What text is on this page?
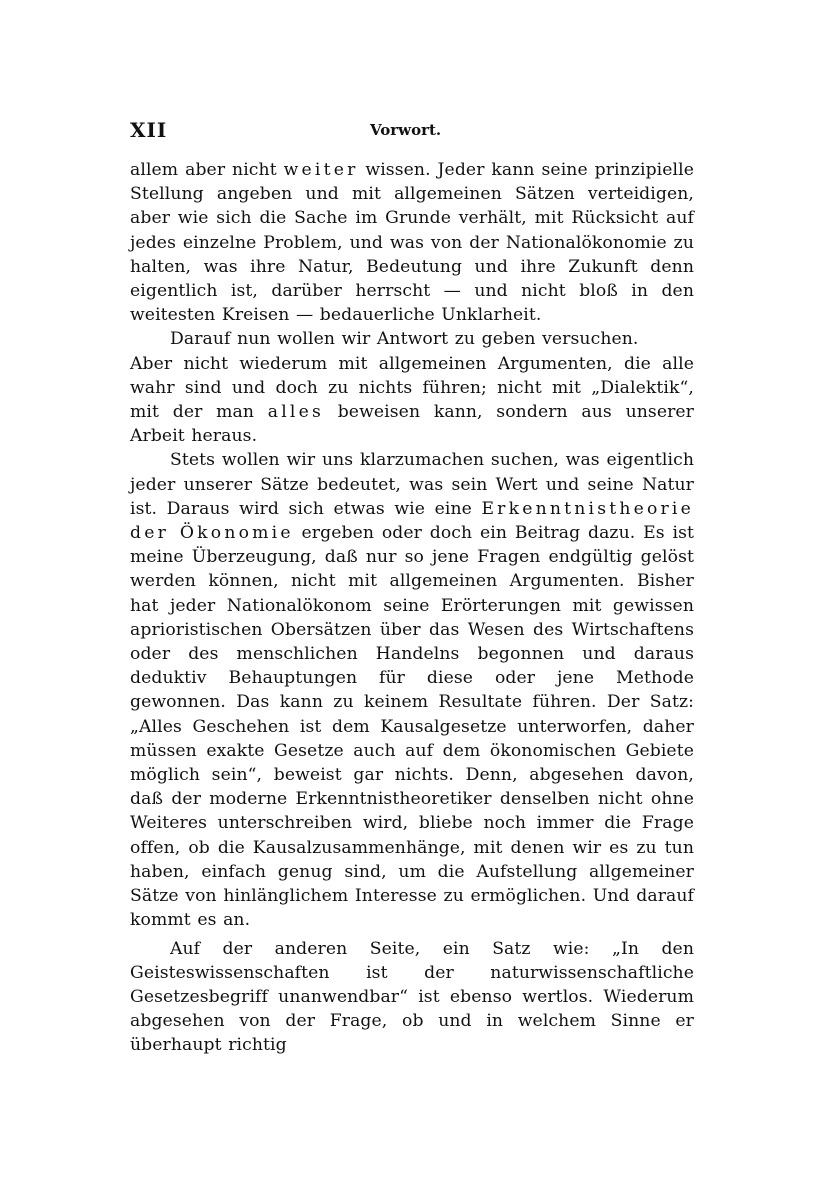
XII	Vorwort.

allem aber nicht weiter wissen. Jeder kann seine prinzipielle Stellung angeben und mit allgemeinen Sätzen verteidigen, aber wie sich die Sache im Grunde verhält, mit Rücksicht auf jedes einzelne Problem, und was von der Nationalökonomie zu halten, was ihre Natur, Bedeutung und ihre Zukunft denn eigentlich ist, darüber herrscht — und nicht bloß in den weitesten Kreisen — bedauerliche Unklarheit.

Darauf nun wollen wir Antwort zu geben versuchen.

Aber nicht wiederum mit allgemeinen Argumenten, die alle wahr sind und doch zu nichts führen; nicht mit „Dialektik“, mit der man alles beweisen kann, sondern aus unserer Arbeit heraus.

Stets wollen wir uns klarzumachen suchen, was eigentlich jeder unserer Sätze bedeutet, was sein Wert und seine Natur ist. Daraus wird sich etwas wie eine Erkenntnistheorie der Ökonomie ergeben oder doch ein Beitrag dazu. Es ist meine Überzeugung, daß nur so jene Fragen endgültig gelöst werden können, nicht mit allgemeinen Argumenten. Bisher hat jeder Nationalökonom seine Erörterungen mit gewissen aprioristischen Obersätzen über das Wesen des Wirtschaftens oder des menschlichen Handelns begonnen und daraus deduktiv Behauptungen für diese oder jene Methode gewonnen. Das kann zu keinem Resultate führen. Der Satz: „Alles Geschehen ist dem Kausalgesetze unterworfen, daher müssen exakte Gesetze auch auf dem ökonomischen Gebiete möglich sein“, beweist gar nichts. Denn, abgesehen davon, daß der moderne Erkenntnistheoretiker denselben nicht ohne Weiteres unterschreiben wird, bliebe noch immer die Frage offen, ob die Kausalzusammenhänge, mit denen wir es zu tun haben, einfach genug sind, um die Aufstellung allgemeiner Sätze von hinlänglichem Interesse zu ermöglichen. Und darauf kommt es an.

Auf der anderen Seite, ein Satz wie: „In den Geisteswissenschaften ist der naturwissenschaftliche Gesetzesbegriff unanwendbar“ ist ebenso wertlos. Wiederum abgesehen von der Frage, ob und in welchem Sinne er überhaupt richtig
